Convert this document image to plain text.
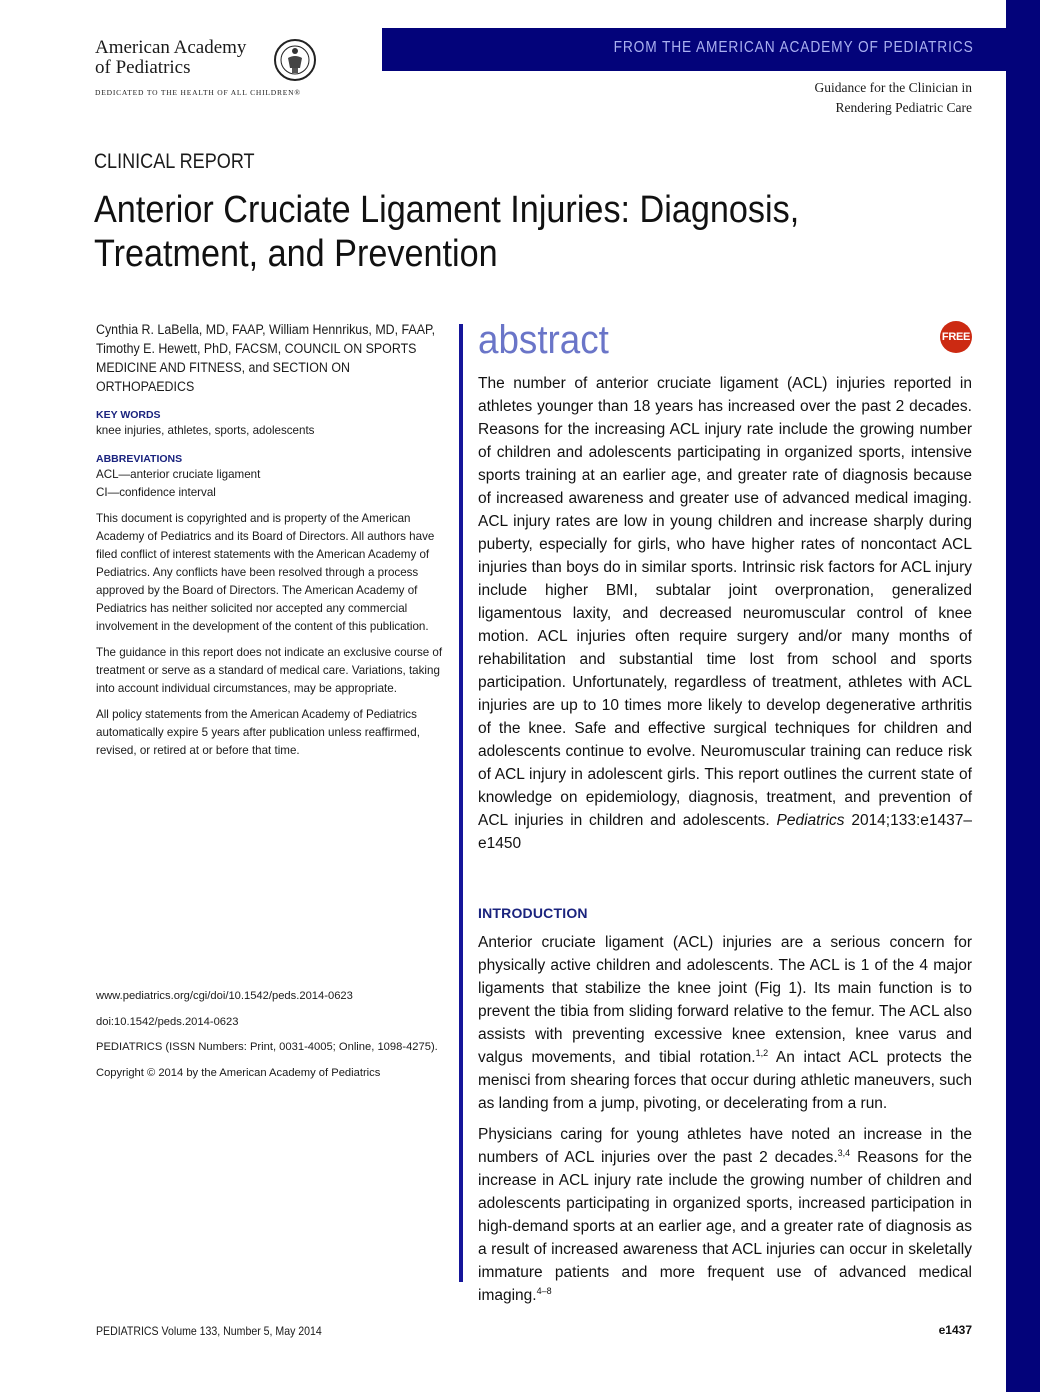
FROM THE AMERICAN ACADEMY OF PEDIATRICS
American Academy
of Pediatrics
DEDICATED TO THE HEALTH OF ALL CHILDREN®	Guidance for the Clinician in
Rendering Pediatric Care
CLINICAL REPORT
Anterior Cruciate Ligament Injuries: Diagnosis,
Treatment, and Prevention
Cynthia R. LaBella, MD, FAAP, William Hennrikus, MD, FAAP, Timothy E. Hewett, PhD, FACSM, COUNCIL ON SPORTS MEDICINE AND FITNESS, and SECTION ON ORTHOPAEDICS
KEY WORDS
knee injuries, athletes, sports, adolescents
ABBREVIATIONS
ACL—anterior cruciate ligament
CI—confidence interval

This document is copyrighted and is property of the American Academy of Pediatrics and its Board of Directors. All authors have filed conflict of interest statements with the American Academy of Pediatrics. Any conflicts have been resolved through a process approved by the Board of Directors. The American Academy of Pediatrics has neither solicited nor accepted any commercial involvement in the development of the content of this publication.

The guidance in this report does not indicate an exclusive course of treatment or serve as a standard of medical care. Variations, taking into account individual circumstances, may be appropriate.

All policy statements from the American Academy of Pediatrics automatically expire 5 years after publication unless reaffirmed, revised, or retired at or before that time.

www.pediatrics.org/cgi/doi/10.1542/peds.2014-0623
doi:10.1542/peds.2014-0623
PEDIATRICS (ISSN Numbers: Print, 0031-4005; Online, 1098-4275).
Copyright © 2014 by the American Academy of Pediatrics
abstract	FREE

The number of anterior cruciate ligament (ACL) injuries reported in athletes younger than 18 years has increased over the past 2 decades. Reasons for the increasing ACL injury rate include the growing number of children and adolescents participating in organized sports, intensive sports training at an earlier age, and greater rate of diagnosis because of increased awareness and greater use of advanced medical imaging. ACL injury rates are low in young children and increase sharply during puberty, especially for girls, who have higher rates of noncontact ACL injuries than boys do in similar sports. Intrinsic risk factors for ACL injury include higher BMI, subtalar joint overpronation, generalized ligamentous laxity, and decreased neuromuscular control of knee motion. ACL injuries often require surgery and/or many months of rehabilitation and substantial time lost from school and sports participation. Unfortunately, regardless of treatment, athletes with ACL injuries are up to 10 times more likely to develop degenerative arthritis of the knee. Safe and effective surgical techniques for children and adolescents continue to evolve. Neuromuscular training can reduce risk of ACL injury in adolescent girls. This report outlines the current state of knowledge on epidemiology, diagnosis, treatment, and prevention of ACL injuries in children and adolescents. Pediatrics 2014;133:e1437–e1450

INTRODUCTION

Anterior cruciate ligament (ACL) injuries are a serious concern for physically active children and adolescents. The ACL is 1 of the 4 major ligaments that stabilize the knee joint (Fig 1). Its main function is to prevent the tibia from sliding forward relative to the femur. The ACL also assists with preventing excessive knee extension, knee varus and valgus movements, and tibial rotation.$^{1,2}$ An intact ACL protects the menisci from shearing forces that occur during athletic maneuvers, such as landing from a jump, pivoting, or decelerating from a run.

Physicians caring for young athletes have noted an increase in the numbers of ACL injuries over the past 2 decades.$^{3,4}$ Reasons for the increase in ACL injury rate include the growing number of children and adolescents participating in organized sports, increased participation in high-demand sports at an earlier age, and a greater rate of diagnosis as a result of increased awareness that ACL injuries can occur in skeletally immature patients and more frequent use of advanced medical imaging.$^{4-8}$

PEDIATRICS Volume 133, Number 5, May 2014	e1437
